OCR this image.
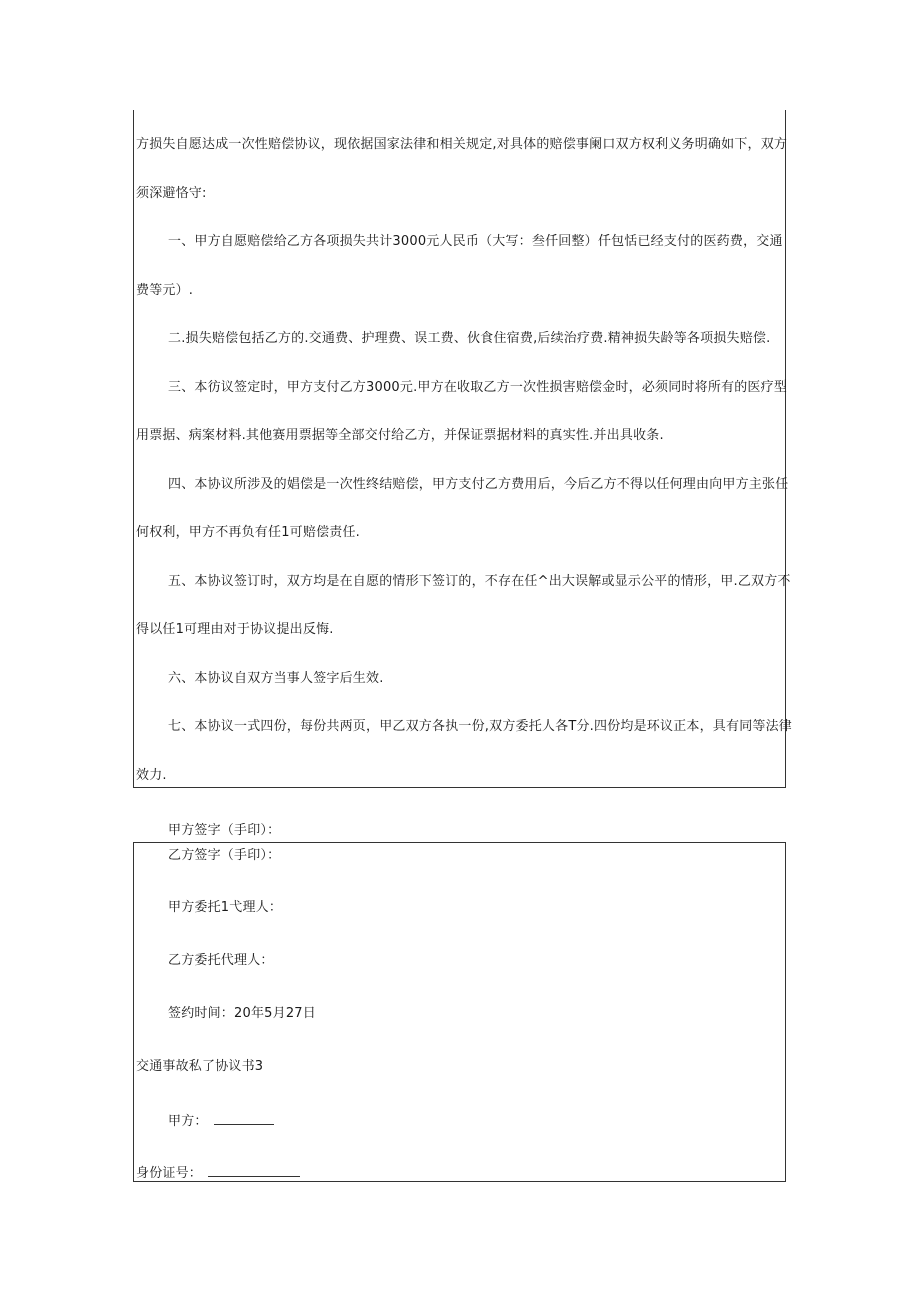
方损失自愿达成一次性赔偿协议，现依据国家法律和相关规定,对具体的赔偿事阑口双方权利义务明确如下，双方
须深避恪守:
一、甲方自愿赔偿给乙方各项损失共计3000元人民币（大写：叁仟回整）仟包恬已经支付的医药费，交通
费等元）.
二.损失赔偿包括乙方的.交通费、护理费、误工费、伙食住宿费,后续治疗费.精神损失龄等各项损失赔偿.
三、本彷议签定时，甲方支付乙方3000元.甲方在收取乙方一次性损害赔偿金时，必须同时将所有的医疗型
用票据、病案材料.其他赛用票据等全部交付给乙方，并保证票据材料的真实性.并出具收条.
四、本协议所涉及的娼偿是一次性终结赔偿，甲方支付乙方费用后，今后乙方不得以任何理由向甲方主张任
何权利，甲方不再负有任1可赔偿责任.
五、本协议签订时，双方均是在自愿的情形下签订的，不存在任^出大误解或显示公平的情形，甲.乙双方不
得以任1可理由对于协议提出反悔.
六、本协议自双方当事人签字后生效.
七、本协议一式四份，每份共两页，甲乙双方各执一份,双方委托人各T分.四份均是环议正本，具有同等法律
效力.
甲方签字（手印）：
乙方签字（手印）：
甲方委托1弋理人：
乙方委托代理人：
签约时间：20年5月27日
交通事故私了协议书3
甲方：
身份证号：
